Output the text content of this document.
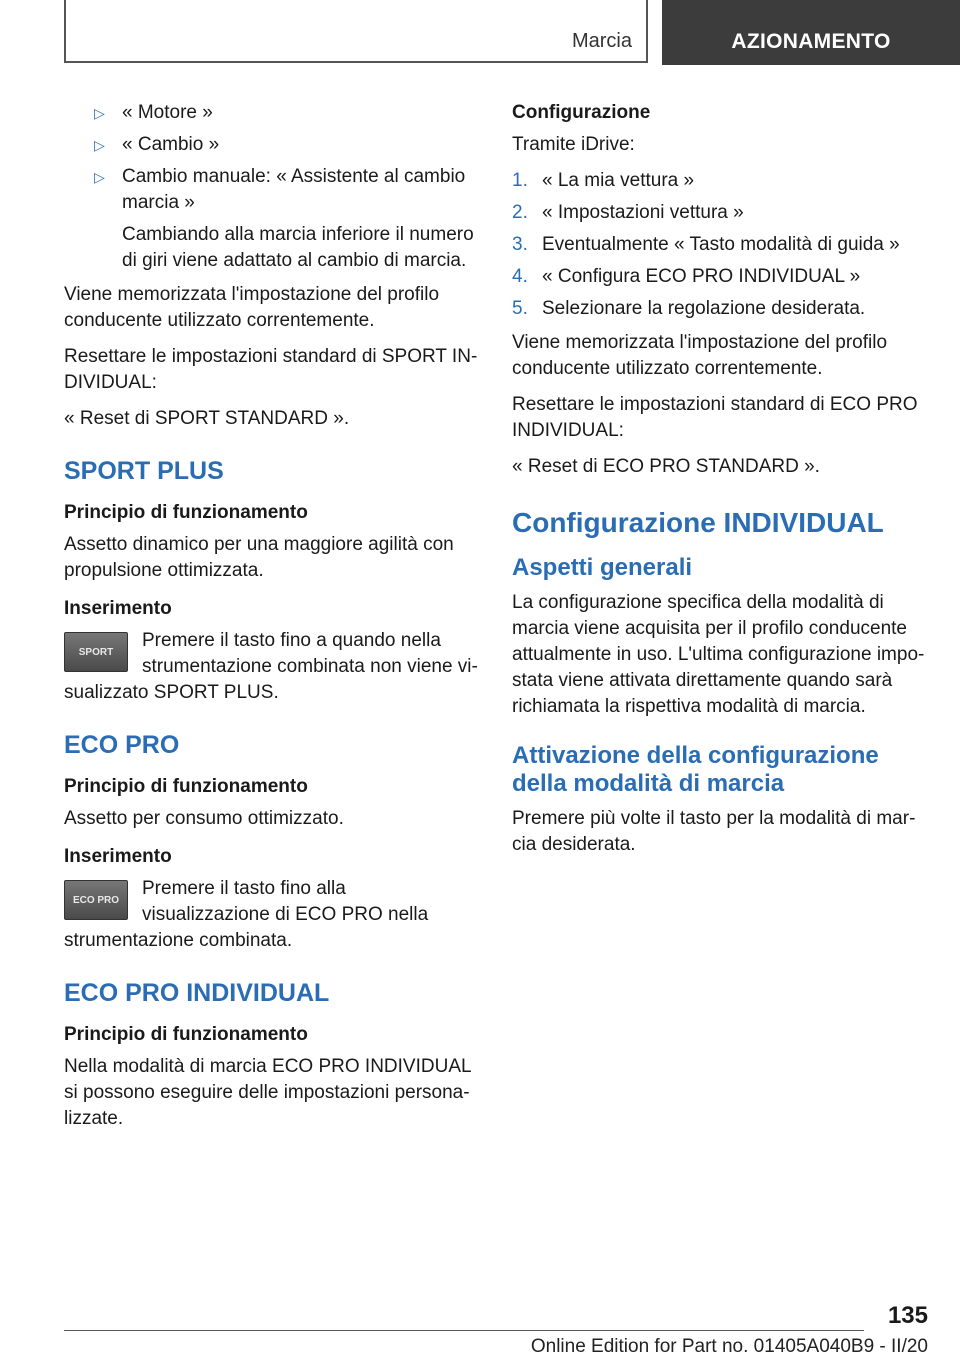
Marcia	AZIONAMENTO
▷ « Motore »
▷ « Cambio »
▷ Cambio manuale: « Assistente al cambio marcia »
Cambiando alla marcia inferiore il numero di giri viene adattato al cambio di marcia.

Viene memorizzata l'impostazione del profilo conducente utilizzato correntemente.

Resettare le impostazioni standard di SPORT INDIVIDUAL:

« Reset di SPORT STANDARD ».

SPORT PLUS
Principio di funzionamento

Assetto dinamico per una maggiore agilità con propulsione ottimizzata.

Inserimento
SPORT

Premere il tasto fino a quando nella strumentazione combinata non viene visualizzato SPORT PLUS.

ECO PRO
Principio di funzionamento

Assetto per consumo ottimizzato.

Inserimento
ECO PRO

Premere il tasto fino alla visualizzazione di ECO PRO nella strumentazione combinata.

ECO PRO INDIVIDUAL
Principio di funzionamento

Nella modalità di marcia ECO PRO INDIVIDUAL si possono eseguire delle impostazioni personalizzate.

Configurazione

Tramite iDrive:

1. « La mia vettura »
2. « Impostazioni vettura »
3. Eventualmente « Tasto modalità di guida »
4. « Configura ECO PRO INDIVIDUAL »
5. Selezionare la regolazione desiderata.

Viene memorizzata l'impostazione del profilo conducente utilizzato correntemente.

Resettare le impostazioni standard di ECO PRO INDIVIDUAL:

« Reset di ECO PRO STANDARD ».

Configurazione INDIVIDUAL
Aspetti generali

La configurazione specifica della modalità di marcia viene acquisita per il profilo conducente attualmente in uso. L'ultima configurazione impostata viene attivata direttamente quando sarà richiamata la rispettiva modalità di marcia.

Attivazione della configurazione della modalità di marcia

Premere più volte il tasto per la modalità di marcia desiderata.

135
Online Edition for Part no. 01405A040B9 - II/20
